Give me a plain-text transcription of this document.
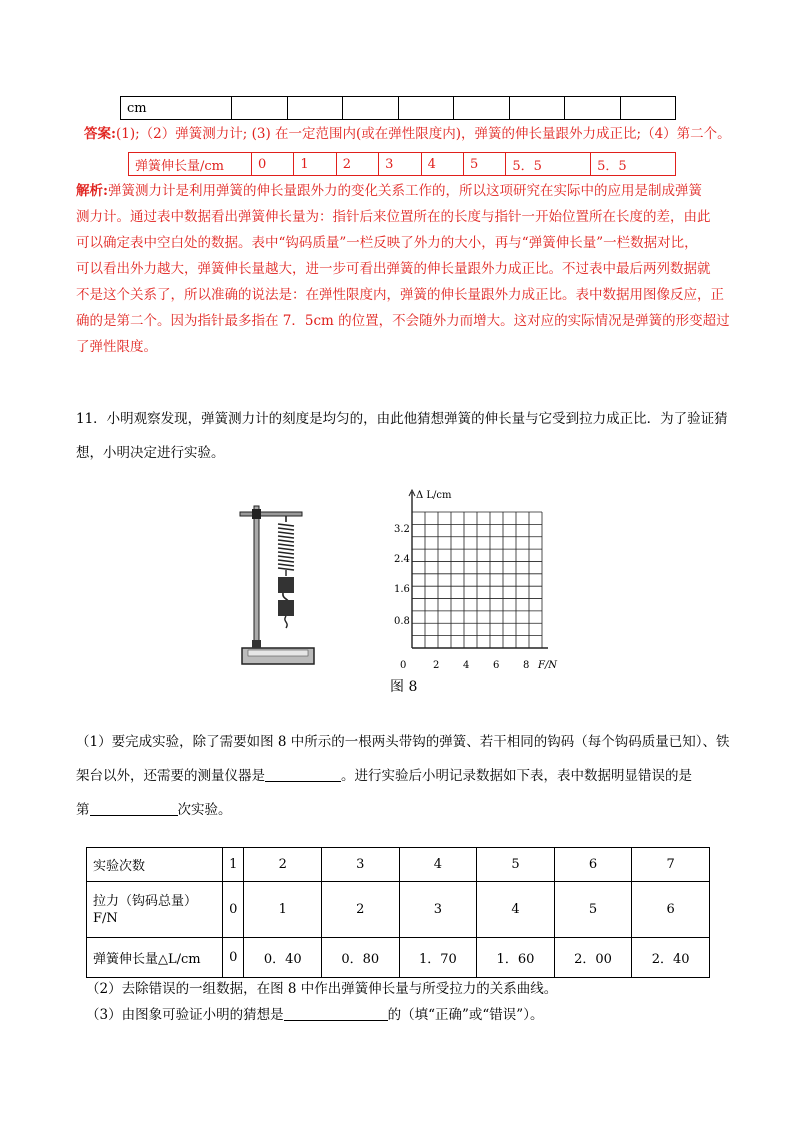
cm								
答案:(1);（2）弹簧测力计; (3) 在一定范围内(或在弹性限度内)，弹簧的伸长量跟外力成正比;（4）第二个。
弹簧伸长量/cm	0	1	2	3	4	5	5．5	5．5

解析:弹簧测力计是利用弹簧的伸长量跟外力的变化关系工作的，所以这项研究在实际中的应用是制成弹簧

测力计。通过表中数据看出弹簧伸长量为：指针后来位置所在的长度与指针一开始位置所在长度的差，由此

可以确定表中空白处的数据。表中“钩码质量”一栏反映了外力的大小，再与“弹簧伸长量”一栏数据对比，

可以看出外力越大，弹簧伸长量越大，进一步可看出弹簧的伸长量跟外力成正比。不过表中最后两列数据就

不是这个关系了，所以准确的说法是：在弹性限度内，弹簧的伸长量跟外力成正比。表中数据用图像反应，正

确的是第二个。因为指针最多指在 7．5cm 的位置，不会随外力而增大。这对应的实际情况是弹簧的形变超过

了弹性限度。

11．小明观察发现，弹簧测力计的刻度是均匀的，由此他猜想弹簧的伸长量与它受到拉力成正比．为了验证猜

想，小明决定进行实验。

Δ L/cm
F/N
3.2
2.4
1.6
0.8
0	2 4 6 8
图 8

（1）要完成实验，除了需要如图 8 中所示的一根两头带钩的弹簧、若干相同的钩码（每个钩码质量已知）、铁

架台以外，还需要的测量仪器是	。进行实验后小明记录数据如下表，表中数据明显错误的是

第	次实验。

实验次数	1	2	3	4	5	6	7
拉力（钩码总量）F/N	0	1	2	3	4	5	6
弹簧伸长量△L/cm	0	0．40	0．80	1．70	1．60	2．00	2．40
（2）去除错误的一组数据，在图 8 中作出弹簧伸长量与所受拉力的关系曲线。
（3）由图象可验证小明的猜想是	的（填“正确”或“错误”）。
